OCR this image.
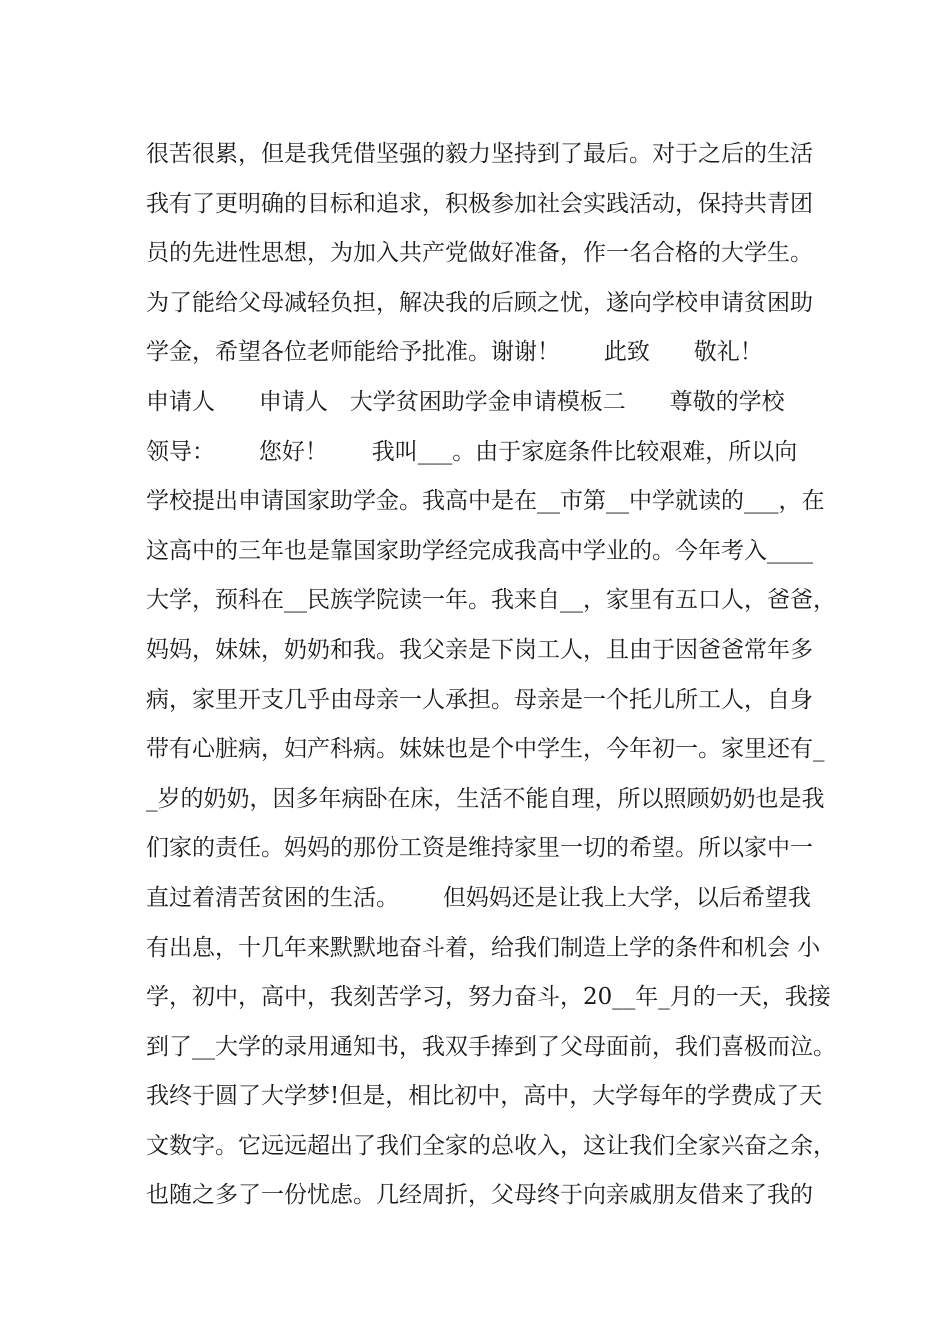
很苦很累，但是我凭借坚强的毅力坚持到了最后。对于之后的生活
我有了更明确的目标和追求，积极参加社会实践活动，保持共青团
员的先进性思想，为加入共产党做好准备，作一名合格的大学生。
为了能给父母减轻负担，解决我的后顾之忧，遂向学校申请贫困助
学金，希望各位老师能给予批准。谢谢！      此致      敬礼！
申请人      申请人   大学贫困助学金申请模板二      尊敬的学校
领导：      您好！      我叫___。由于家庭条件比较艰难，所以向
学校提出申请国家助学金。我高中是在__市第__中学就读的___，在
这高中的三年也是靠国家助学经完成我高中学业的。今年考入____
大学，预科在__民族学院读一年。我来自__，家里有五口人，爸爸，
妈妈，妹妹，奶奶和我。我父亲是下岗工人，且由于因爸爸常年多
病，家里开支几乎由母亲一人承担。母亲是一个托儿所工人，自身
带有心脏病，妇产科病。妹妹也是个中学生，今年初一。家里还有_
_岁的奶奶，因多年病卧在床，生活不能自理，所以照顾奶奶也是我
们家的责任。妈妈的那份工资是维持家里一切的希望。所以家中一
直过着清苦贫困的生活。      但妈妈还是让我上大学，以后希望我
有出息，十几年来默默地奋斗着，给我们制造上学的条件和机会 小
学，初中，高中，我刻苦学习，努力奋斗，20__年_月的一天，我接
到了__大学的录用通知书，我双手捧到了父母面前，我们喜极而泣。
我终于圆了大学梦!但是，相比初中，高中，大学每年的学费成了天
文数字。它远远超出了我们全家的总收入，这让我们全家兴奋之余，
也随之多了一份忧虑。几经周折，父母终于向亲戚朋友借来了我的
